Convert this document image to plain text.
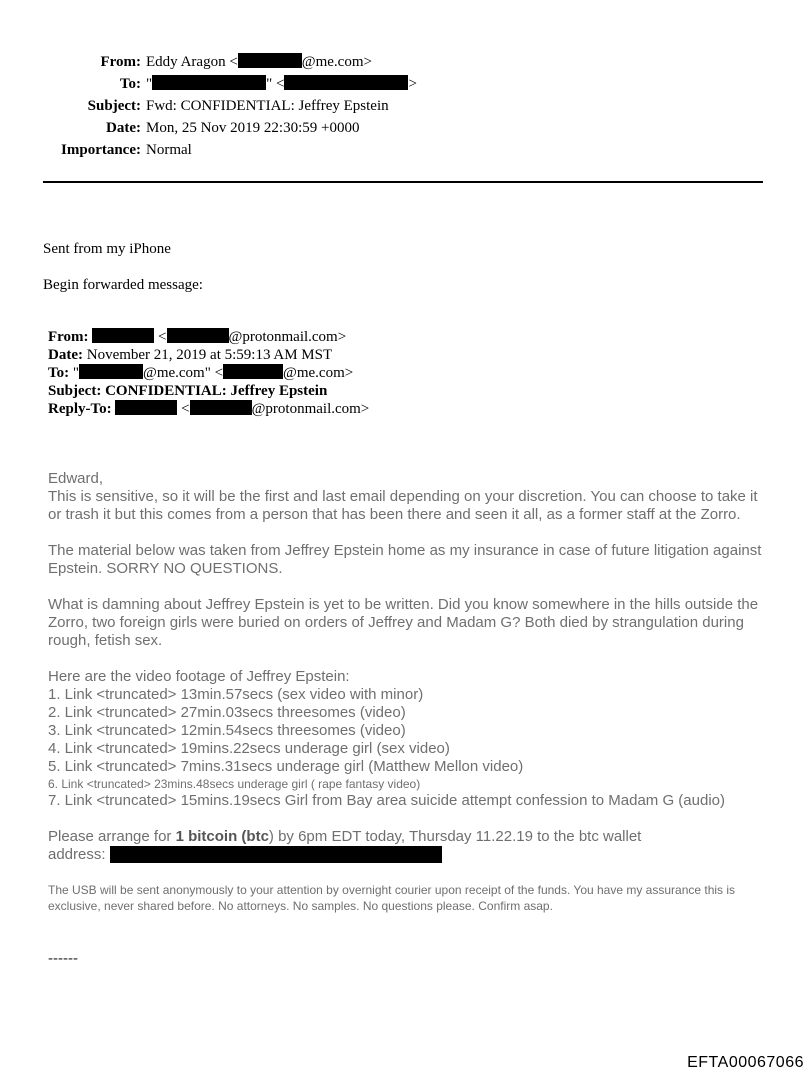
From: Eddy Aragon <	@me.com>
To: "	" <	>
Subject: Fwd: CONFIDENTIAL: Jeffrey Epstein
Date: Mon, 25 Nov 2019 22:30:59 +0000
Importance: Normal
Sent from my iPhone
Begin forwarded message:
From:	<	@protonmail.com>
Date: November 21, 2019 at 5:59:13 AM MST
To: "	@me.com" <	@me.com>
Subject: CONFIDENTIAL: Jeffrey Epstein
Reply-To:	<	@protonmail.com>

Edward,

This is sensitive, so it will be the first and last email depending on your discretion. You can choose to take it or trash it but this comes from a person that has been there and seen it all, as a former staff at the Zorro.

The material below was taken from Jeffrey Epstein home as my insurance in case of future litigation against Epstein. SORRY NO QUESTIONS.

What is damning about Jeffrey Epstein is yet to be written. Did you know somewhere in the hills outside the Zorro, two foreign girls were buried on orders of Jeffrey and Madam G? Both died by strangulation during rough, fetish sex.

Here are the video footage of Jeffrey Epstein:

1. Link <truncated> 13min.57secs (sex video with minor)

2. Link <truncated> 27min.03secs threesomes (video)

3. Link <truncated> 12min.54secs threesomes (video)

4. Link <truncated> 19mins.22secs underage girl (sex video)

5. Link <truncated> 7mins.31secs underage girl (Matthew Mellon video)

6. Link <truncated> 23mins.48secs underage girl ( rape fantasy video)

7. Link <truncated> 15mins.19secs Girl from Bay area suicide attempt confession to Madam G (audio)

Please arrange for 1 bitcoin (btc) by 6pm EDT today, Thursday 11.22.19 to the btc wallet

address:

The USB will be sent anonymously to your attention by overnight courier upon receipt of the funds. You have my assurance this is exclusive, never shared before. No attorneys. No samples. No questions please. Confirm asap.

------

EFTA00067066
